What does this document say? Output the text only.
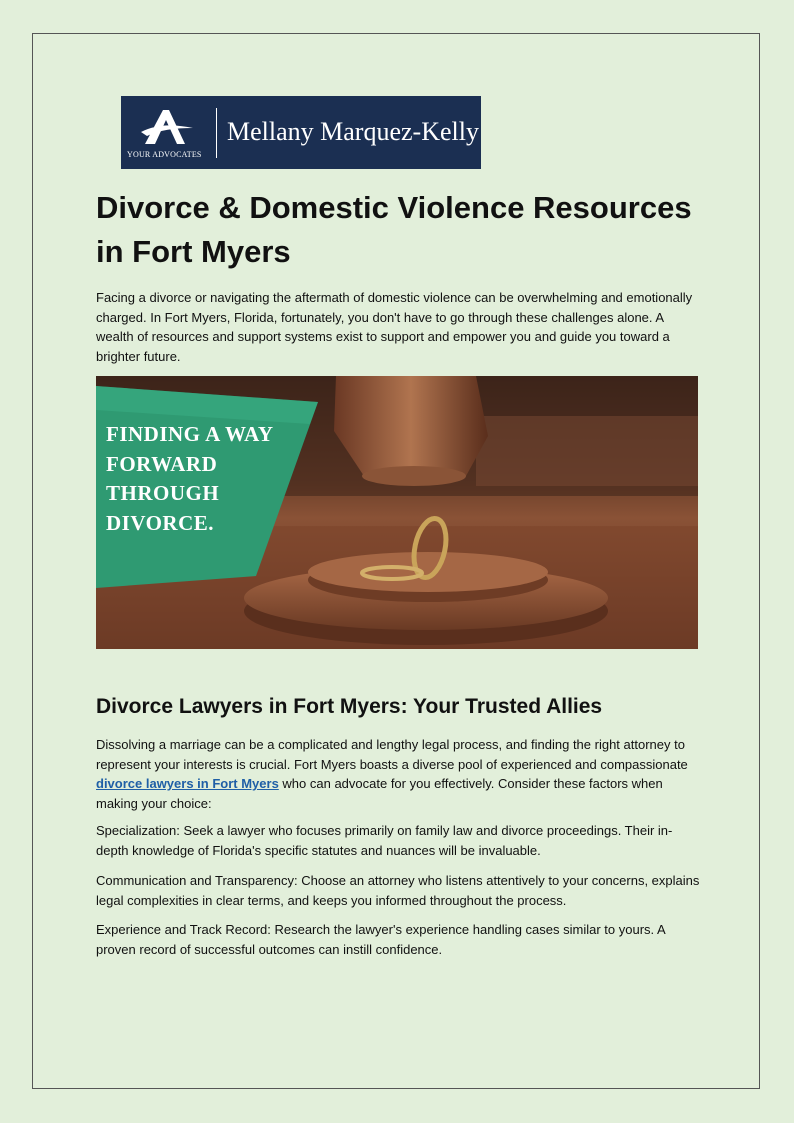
YOUR ADVOCATES
Mellany Marquez-Kelly
Divorce & Domestic Violence Resources in Fort Myers

Facing a divorce or navigating the aftermath of domestic violence can be overwhelming and emotionally charged. In Fort Myers, Florida, fortunately, you don't have to go through these challenges alone. A wealth of resources and support systems exist to support and empower you and guide you toward a brighter future.

FINDING A WAY
FORWARD
THROUGH
DIVORCE.
Divorce Lawyers in Fort Myers: Your Trusted Allies

Dissolving a marriage can be a complicated and lengthy legal process, and finding the right attorney to represent your interests is crucial. Fort Myers boasts a diverse pool of experienced and compassionate divorce lawyers in Fort Myers who can advocate for you effectively. Consider these factors when making your choice:

Specialization: Seek a lawyer who focuses primarily on family law and divorce proceedings. Their in-depth knowledge of Florida's specific statutes and nuances will be invaluable.

Communication and Transparency: Choose an attorney who listens attentively to your concerns, explains legal complexities in clear terms, and keeps you informed throughout the process.

Experience and Track Record: Research the lawyer's experience handling cases similar to yours. A proven record of successful outcomes can instill confidence.
